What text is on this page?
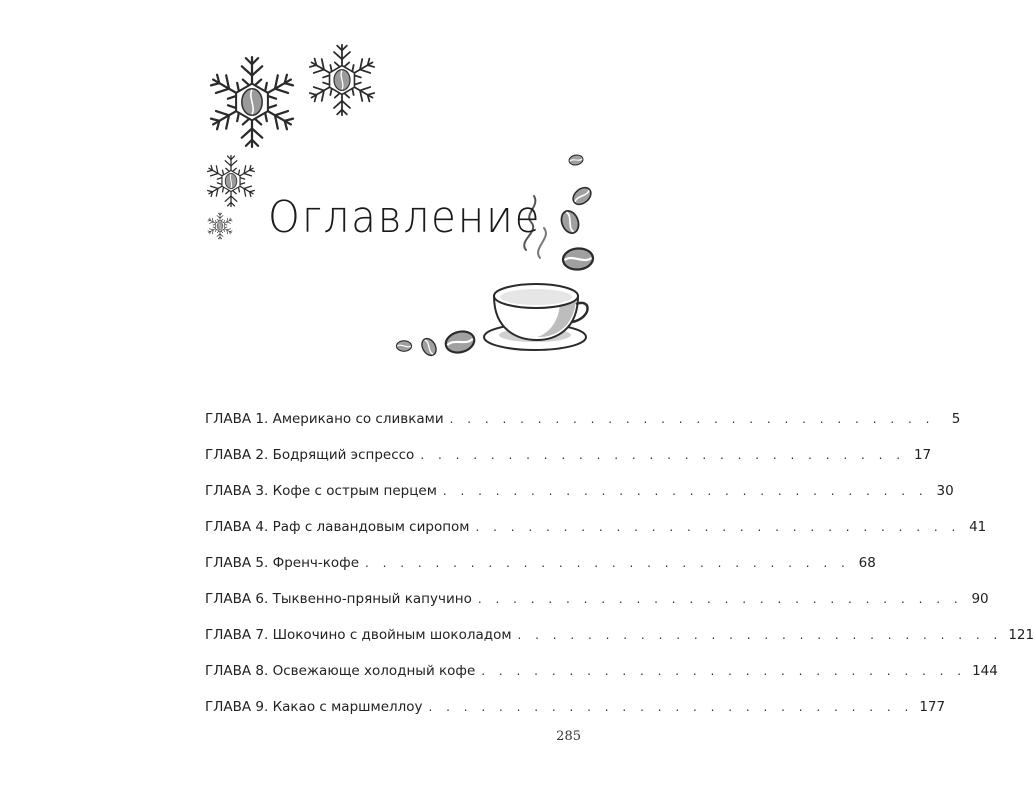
Оглавление
ГЛАВА 1. Американо со сливками . . . . . . . . . . . . . . . . . . . . . . . . . . . .	5
ГЛАВА 2. Бодрящий эспрессо . . . . . . . . . . . . . . . . . . . . . . . . . . . . 17
ГЛАВА 3. Кофе с острым перцем . . . . . . . . . . . . . . . . . . . . . . . . . . . . 30
ГЛАВА 4. Раф с лавандовым сиропом . . . . . . . . . . . . . . . . . . . . . . . . . . . . 41
ГЛАВА 5. Френч-кофе . . . . . . . . . . . . . . . . . . . . . . . . . . . . 68
ГЛАВА 6. Тыквенно-пряный капучино . . . . . . . . . . . . . . . . . . . . . . . . . . . . 90
ГЛАВА 7. Шокочино с двойным шоколадом . . . . . . . . . . . . . . . . . . . . . . . . . . . . 121
ГЛАВА 8. Освежающе холодный кофе . . . . . . . . . . . . . . . . . . . . . . . . . . . . 144
ГЛАВА 9. Какао с маршмеллоу . . . . . . . . . . . . . . . . . . . . . . . . . . . . 177
285
